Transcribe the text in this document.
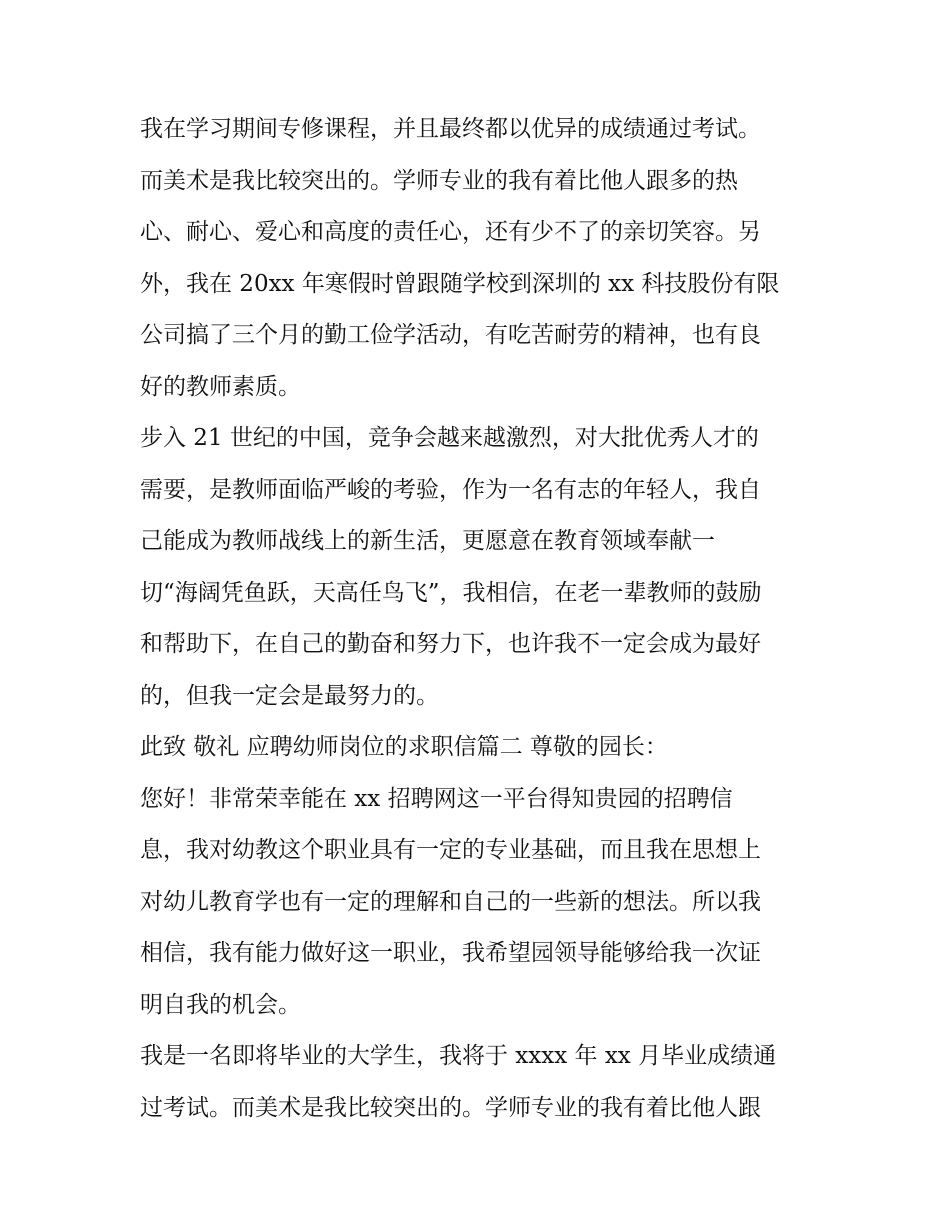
我在学习期间专修课程，并且最终都以优异的成绩通过考试。
而美术是我比较突出的。学师专业的我有着比他人跟多的热
心、耐心、爱心和高度的责任心，还有少不了的亲切笑容。另
外，我在 20xx 年寒假时曾跟随学校到深圳的 xx 科技股份有限
公司搞了三个月的勤工俭学活动，有吃苦耐劳的精神，也有良
好的教师素质。
步入 21 世纪的中国，竞争会越来越激烈，对大批优秀人才的
需要，是教师面临严峻的考验，作为一名有志的年轻人，我自
己能成为教师战线上的新生活，更愿意在教育领域奉献一
切“海阔凭鱼跃，天高任鸟飞”，我相信，在老一辈教师的鼓励
和帮助下，在自己的勤奋和努力下，也许我不一定会成为最好
的，但我一定会是最努力的。
此致 敬礼 应聘幼师岗位的求职信篇二 尊敬的园长：
您好！非常荣幸能在 xx 招聘网这一平台得知贵园的招聘信
息，我对幼教这个职业具有一定的专业基础，而且我在思想上
对幼儿教育学也有一定的理解和自己的一些新的想法。所以我
相信，我有能力做好这一职业，我希望园领导能够给我一次证
明自我的机会。
我是一名即将毕业的大学生，我将于 xxxx 年 xx 月毕业成绩通
过考试。而美术是我比较突出的。学师专业的我有着比他人跟
